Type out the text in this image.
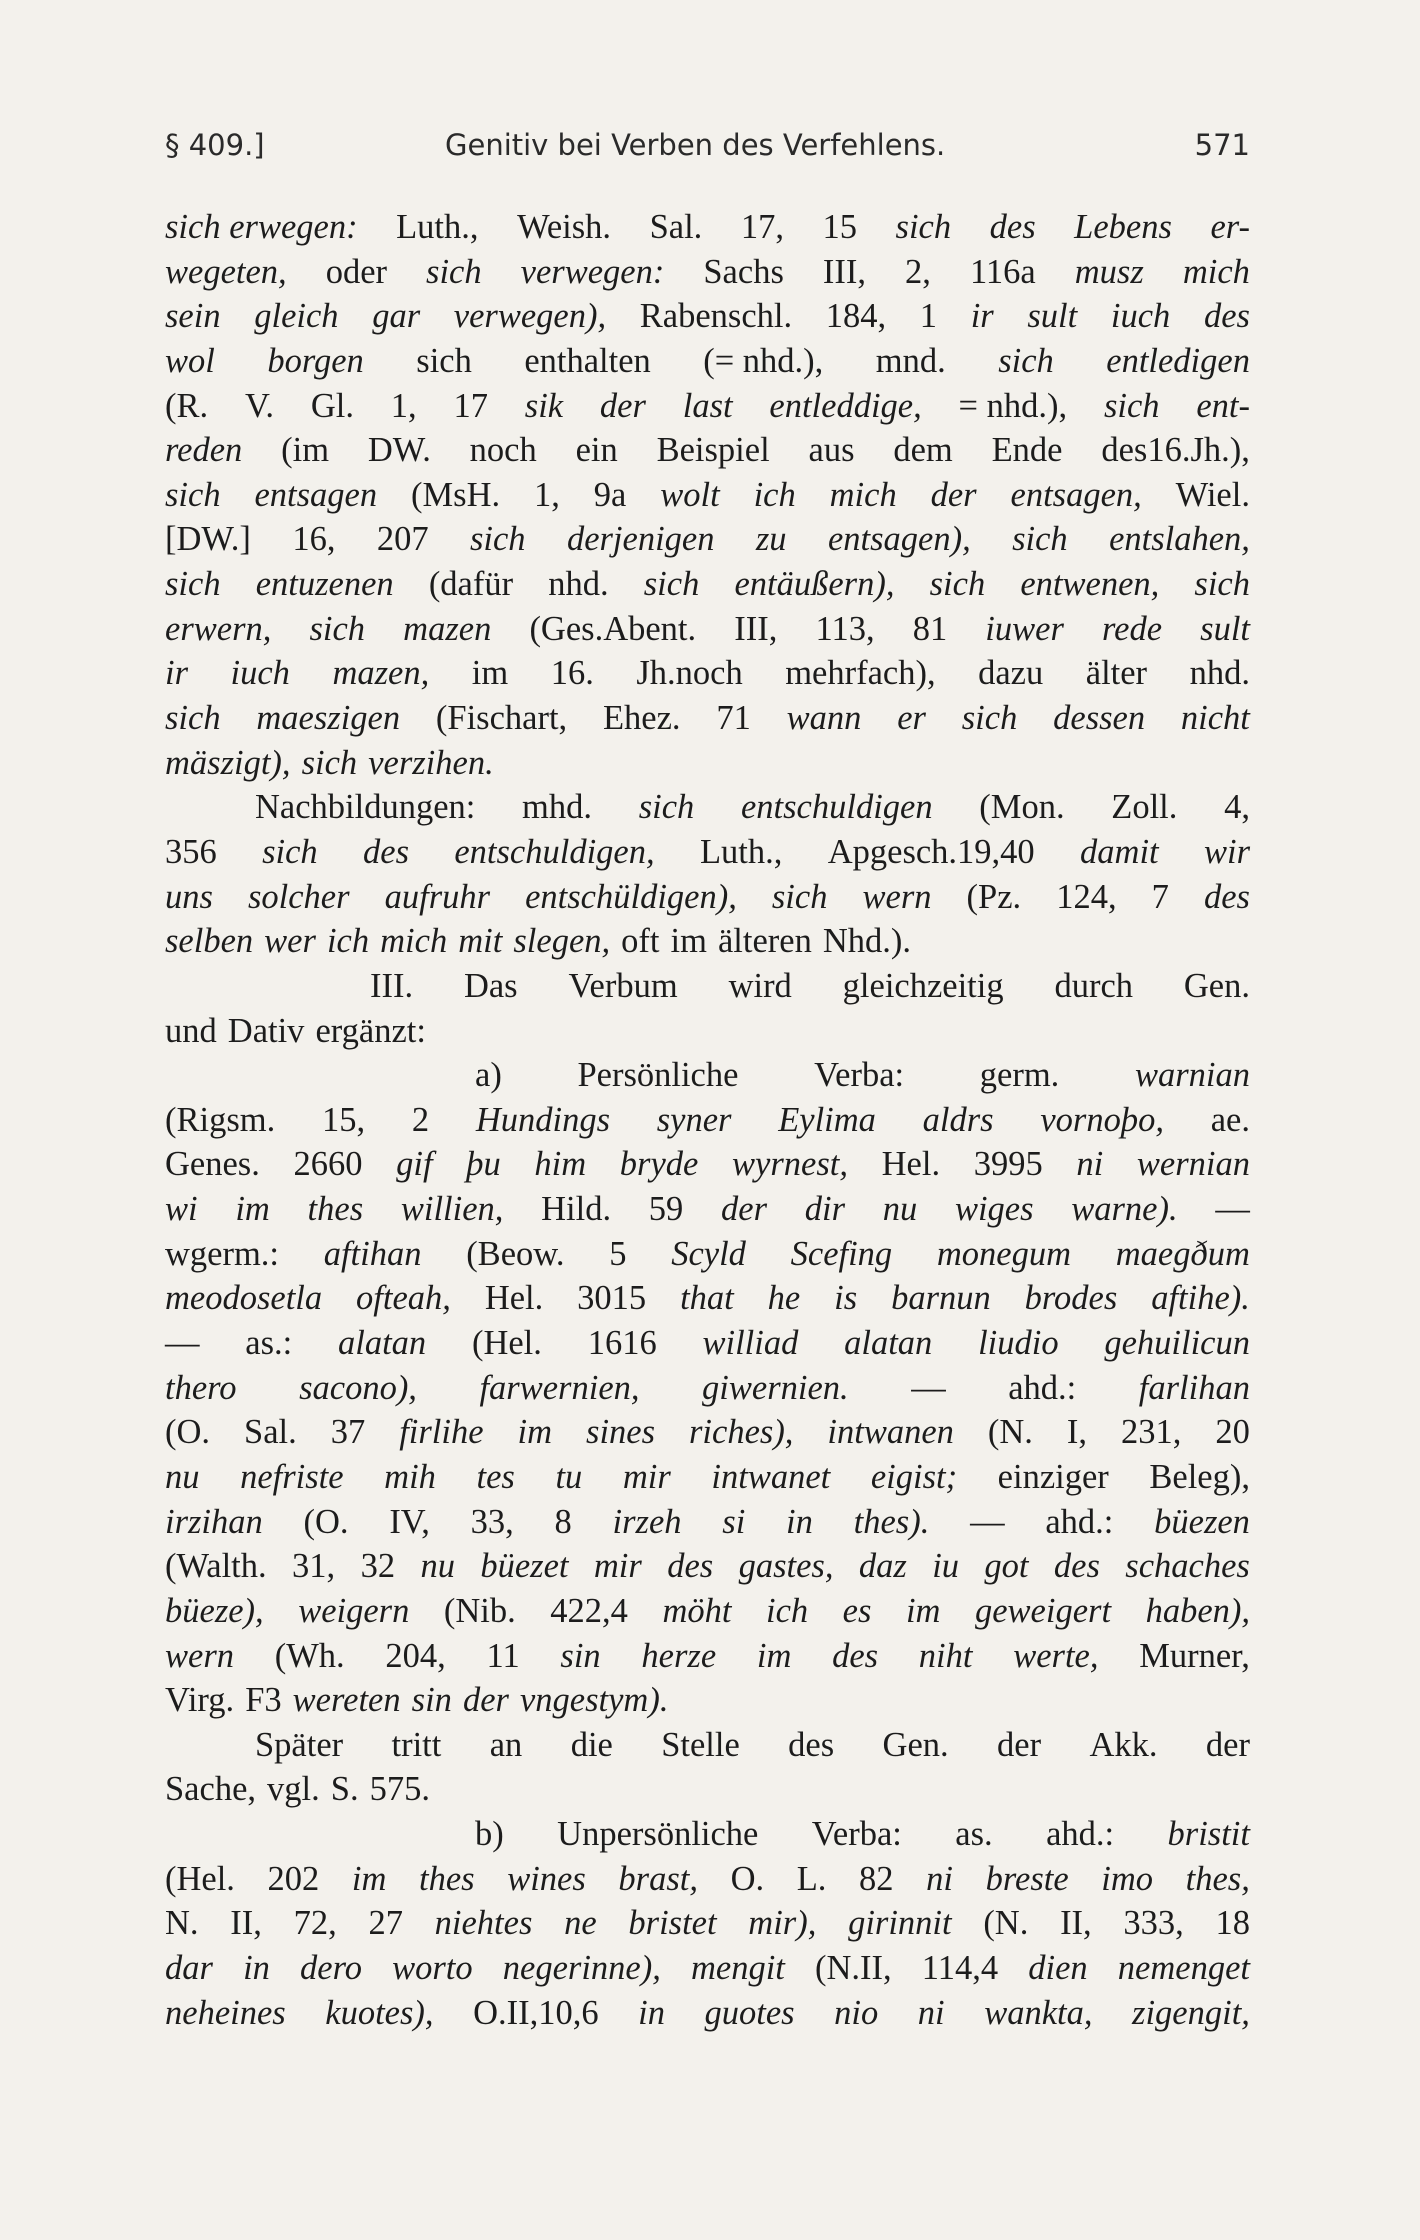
§ 409.]	Genitiv bei Verben des Verfehlens.	571
sich erwegen: Luth., Weish. Sal. 17, 15 sich des Lebens er-
wegeten, oder sich verwegen: Sachs III, 2, 116a musz mich
sein gleich gar verwegen), Rabenschl. 184, 1 ir sult iuch des
wol borgen sich enthalten (= nhd.), mnd. sich entledigen
(R. V. Gl. 1, 17 sik der last entleddige, = nhd.), sich ent-
reden (im DW. noch ein Beispiel aus dem Ende des16.Jh.),
sich entsagen (MsH. 1, 9a wolt ich mich der entsagen, Wiel.
[DW.] 16, 207 sich derjenigen zu entsagen), sich entslahen,
sich entuzenen (dafür nhd. sich entäußern), sich entwenen, sich
erwern, sich mazen (Ges.Abent. III, 113, 81 iuwer rede sult
ir iuch mazen, im 16. Jh.noch mehrfach), dazu älter nhd.
sich maeszigen (Fischart, Ehez. 71 wann er sich dessen nicht
mäszigt), sich verzihen.
Nachbildungen: mhd. sich entschuldigen (Mon. Zoll. 4,
356 sich des entschuldigen, Luth., Apgesch.19,40 damit wir
uns solcher aufruhr entschüldigen), sich wern (Pz. 124, 7 des
selben wer ich mich mit slegen, oft im älteren Nhd.).
III. Das Verbum wird gleichzeitig durch Gen.
und Dativ ergänzt:
a) Persönliche Verba: germ. warnian
(Rigsm. 15, 2 Hundings syner Eylima aldrs vornoþo, ae.
Genes. 2660 gif þu him bryde wyrnest, Hel. 3995 ni wernian
wi im thes willien, Hild. 59 der dir nu wiges warne). —
wgerm.: aftihan (Beow. 5 Scyld Scefing monegum maegðum
meodosetla ofteah, Hel. 3015 that he is barnun brodes aftihe).
— as.: alatan (Hel. 1616 williad alatan liudio gehuilicun
thero sacono), farwernien, giwernien. — ahd.: farlihan
(O. Sal. 37 firlihe im sines riches), intwanen (N. I, 231, 20
nu nefriste mih tes tu mir intwanet eigist; einziger Beleg),
irzihan (O. IV, 33, 8 irzeh si in thes). — ahd.: büezen
(Walth. 31, 32 nu büezet mir des gastes, daz iu got des schaches
büeze), weigern (Nib. 422,4 möht ich es im geweigert haben),
wern (Wh. 204, 11 sin herze im des niht werte, Murner,
Virg. F3 wereten sin der vngestym).
Später tritt an die Stelle des Gen. der Akk. der
Sache, vgl. S. 575.
b) Unpersönliche Verba: as. ahd.: bristit
(Hel. 202 im thes wines brast, O. L. 82 ni breste imo thes,
N. II, 72, 27 niehtes ne bristet mir), girinnit (N. II, 333, 18
dar in dero worto negerinne), mengit (N.II, 114,4 dien nemenget
neheines kuotes), O.II,10,6 in guotes nio ni wankta, zigengit,
